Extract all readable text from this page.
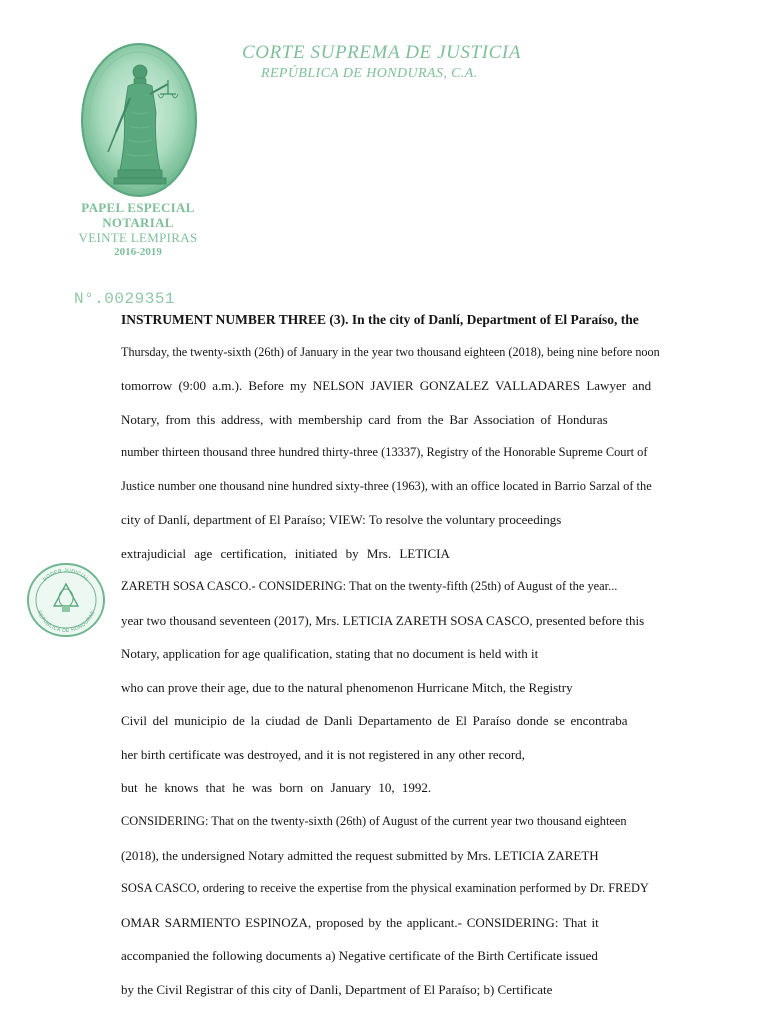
CORTE SUPREMA DE JUSTICIA
REPÚBLICA DE HONDURAS, C.A.
PAPEL ESPECIAL
NOTARIAL
VEINTE LEMPIRAS
2016-2019
N°.0029351
PODER JUDICIAL
REPÚBLICA DE HONDURAS
INSTRUMENT NUMBER THREE (3). In the city of Danlí, Department of El Paraíso, the
Thursday, the twenty-sixth (26th) of January in the year two thousand eighteen (2018), being nine before noon
tomorrow (9:00 a.m.). Before my NELSON JAVIER GONZALEZ VALLADARES Lawyer and
Notary, from this address, with membership card from the Bar Association of Honduras
number thirteen thousand three hundred thirty-three (13337), Registry of the Honorable Supreme Court of
Justice number one thousand nine hundred sixty-three (1963), with an office located in Barrio Sarzal of the
city of Danlí, department of El Paraíso; VIEW: To resolve the voluntary proceedings
extrajudicial age certification, initiated by Mrs. LETICIA
ZARETH SOSA CASCO.- CONSIDERING: That on the twenty-fifth (25th) of August of the year...
year two thousand seventeen (2017), Mrs. LETICIA ZARETH SOSA CASCO, presented before this
Notary, application for age qualification, stating that no document is held with it
who can prove their age, due to the natural phenomenon Hurricane Mitch, the Registry
Civil del municipio de la ciudad de Danli Departamento de El Paraíso donde se encontraba
her birth certificate was destroyed, and it is not registered in any other record,
but he knows that he was born on January 10, 1992.
CONSIDERING: That on the twenty-sixth (26th) of August of the current year two thousand eighteen
(2018), the undersigned Notary admitted the request submitted by Mrs. LETICIA ZARETH
SOSA CASCO, ordering to receive the expertise from the physical examination performed by Dr. FREDY
OMAR SARMIENTO ESPINOZA, proposed by the applicant.- CONSIDERING: That it
accompanied the following documents a) Negative certificate of the Birth Certificate issued
by the Civil Registrar of this city of Danli, Department of El Paraíso; b) Certificate
